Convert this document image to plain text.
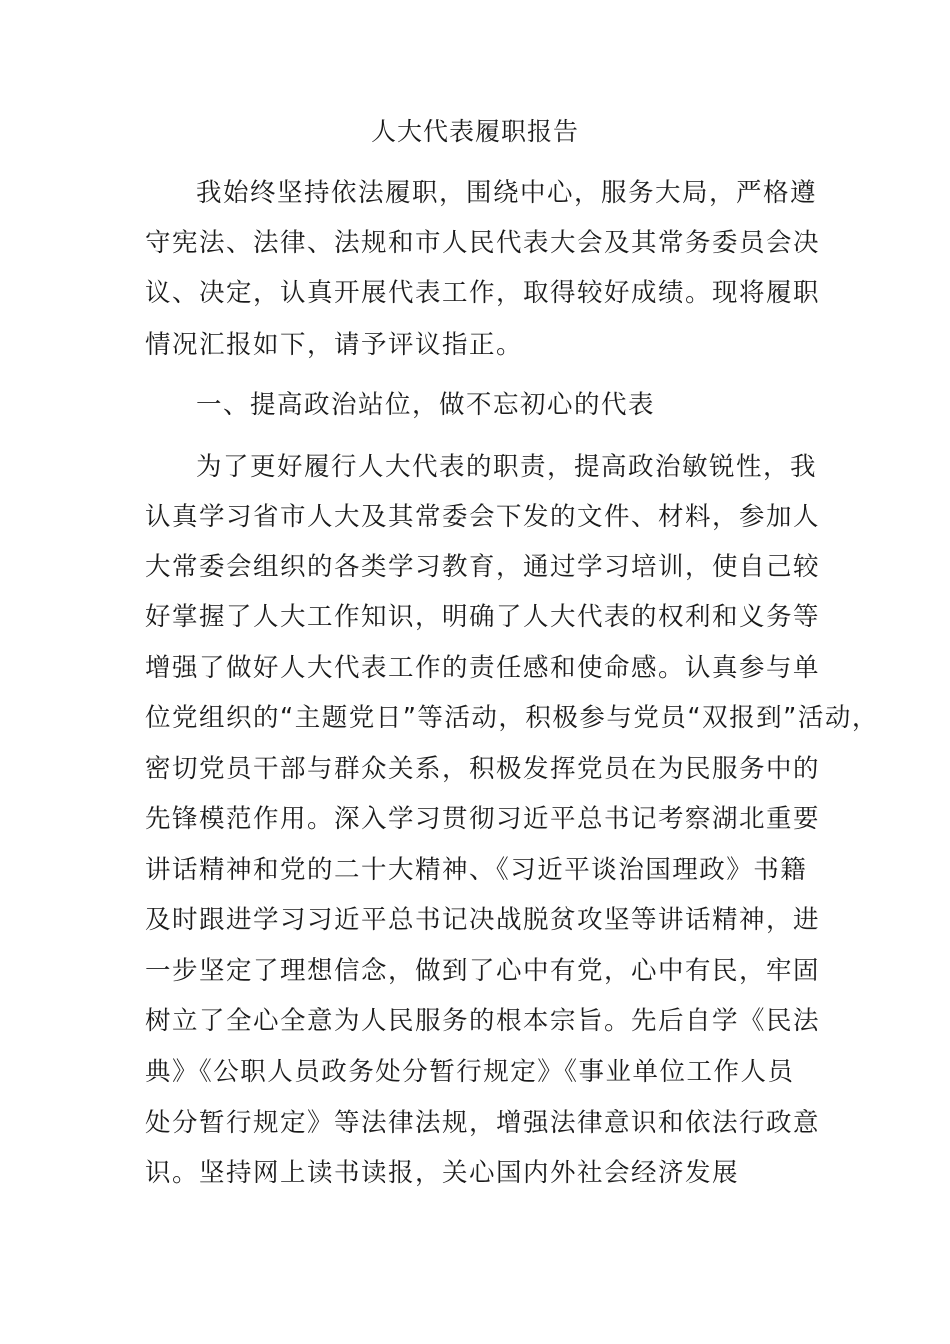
人大代表履职报告
我始终坚持依法履职，围绕中心，服务大局，严格遵
守宪法、法律、法规和市人民代表大会及其常务委员会决
议、决定，认真开展代表工作，取得较好成绩。现将履职
情况汇报如下，请予评议指正。
一、提高政治站位，做不忘初心的代表
为了更好履行人大代表的职责，提高政治敏锐性，我
认真学习省市人大及其常委会下发的文件、材料，参加人
大常委会组织的各类学习教育，通过学习培训，使自己较
好掌握了人大工作知识，明确了人大代表的权利和义务等
增强了做好人大代表工作的责任感和使命感。认真参与单
位党组织的“主题党日”等活动，积极参与党员“双报到”活动，
密切党员干部与群众关系，积极发挥党员在为民服务中的
先锋模范作用。深入学习贯彻习近平总书记考察湖北重要
讲话精神和党的二十大精神、《习近平谈治国理政》书籍
及时跟进学习习近平总书记决战脱贫攻坚等讲话精神，进
一步坚定了理想信念，做到了心中有党，心中有民，牢固
树立了全心全意为人民服务的根本宗旨。先后自学《民法
典》《公职人员政务处分暂行规定》《事业单位工作人员
处分暂行规定》等法律法规，增强法律意识和依法行政意
识。坚持网上读书读报，关心国内外社会经济发展
